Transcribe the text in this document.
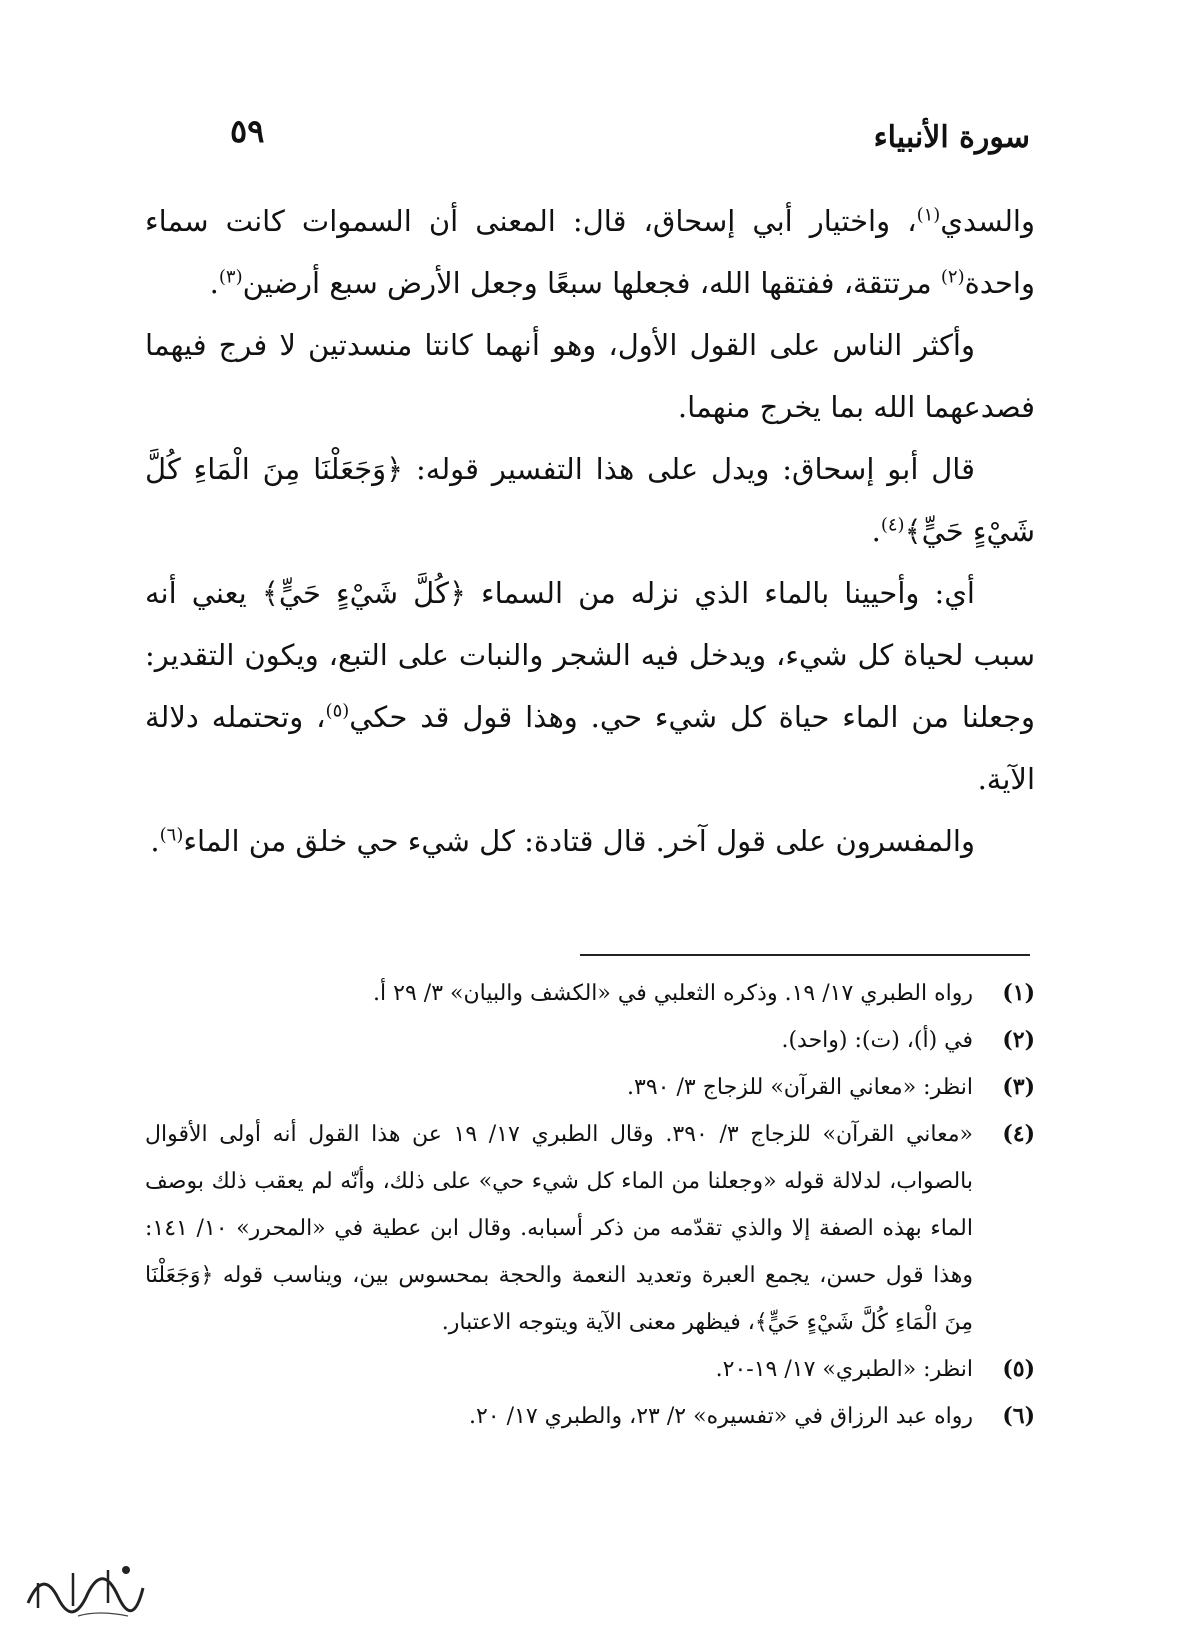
سورة الأنبياء
٥٩

والسدي$^{(١)}$، واختيار أبي إسحاق، قال: المعنى أن السموات كانت سماء واحدة$^{(٢)}$ مرتتقة، ففتقها الله، فجعلها سبعًا وجعل الأرض سبع أرضين$^{(٣)}$.

وأكثر الناس على القول الأول، وهو أنهما كانتا منسدتين لا فرج فيهما فصدعهما الله بما يخرج منهما.

قال أبو إسحاق: ويدل على هذا التفسير قوله: ﴿وَجَعَلْنَا مِنَ الْمَاءِ كُلَّ شَيْءٍ حَيٍّ﴾$^{(٤)}$.

أي: وأحيينا بالماء الذي نزله من السماء ﴿كُلَّ شَيْءٍ حَيٍّ﴾ يعني أنه سبب لحياة كل شيء، ويدخل فيه الشجر والنبات على التبع، ويكون التقدير: وجعلنا من الماء حياة كل شيء حي. وهذا قول قد حكي$^{(٥)}$، وتحتمله دلالة الآية.

والمفسرون على قول آخر. قال قتادة: كل شيء حي خلق من الماء$^{(٦)}$.

(١)
رواه الطبري ١٧/ ١٩. وذكره الثعلبي في «الكشف والبيان» ٣/ ٢٩ أ.
(٢)
في (أ)، (ت): (واحد).
(٣)
انظر: «معاني القرآن» للزجاج ٣/ ٣٩٠.
(٤)
«معاني القرآن» للزجاج ٣/ ٣٩٠. وقال الطبري ١٧/ ١٩ عن هذا القول أنه أولى الأقوال بالصواب، لدلالة قوله «وجعلنا من الماء كل شيء حي» على ذلك، وأنّه لم يعقب ذلك بوصف الماء بهذه الصفة إلا والذي تقدّمه من ذكر أسبابه. وقال ابن عطية في «المحرر» ١٠/ ١٤١: وهذا قول حسن، يجمع العبرة وتعديد النعمة والحجة بمحسوس بين، ويناسب قوله ﴿وَجَعَلْنَا مِنَ الْمَاءِ كُلَّ شَيْءٍ حَيٍّ﴾، فيظهر معنى الآية ويتوجه الاعتبار.
(٥)
انظر: «الطبري» ١٧/ ١٩-٢٠.
(٦)
رواه عبد الرزاق في «تفسيره» ٢/ ٢٣، والطبري ١٧/ ٢٠.
